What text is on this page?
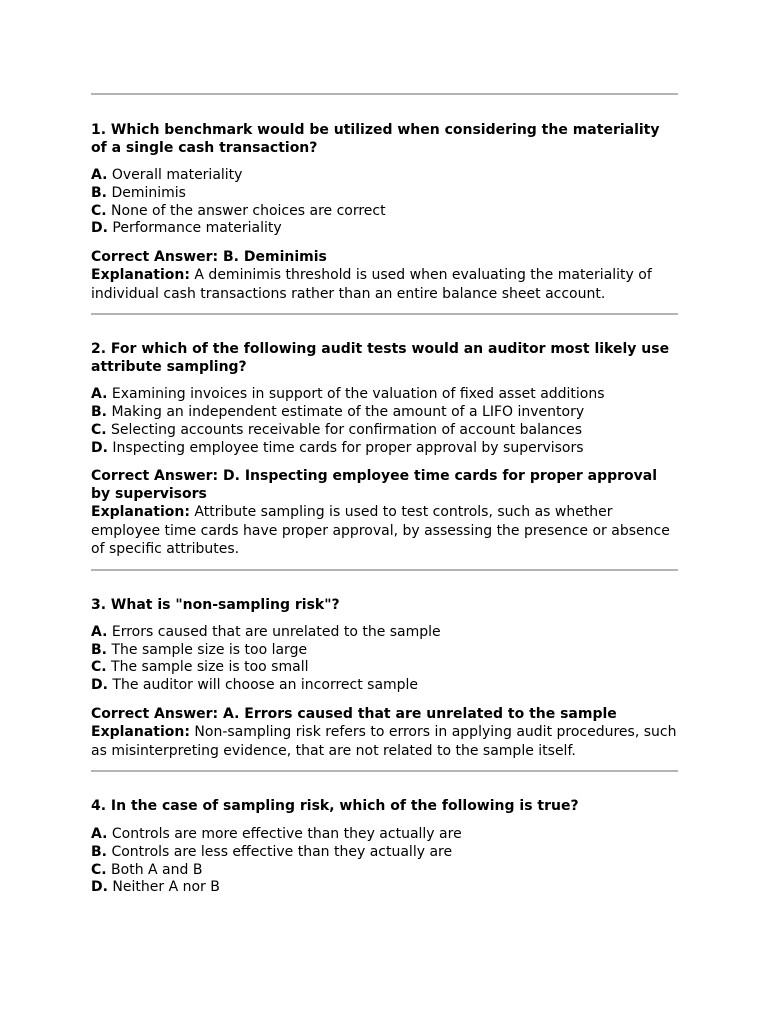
1. Which benchmark would be utilized when considering the materiality of a single cash transaction?

A. Overall materiality
B. Deminimis
C. None of the answer choices are correct
D. Performance materiality
Correct Answer: B. Deminimis
Explanation: A deminimis threshold is used when evaluating the materiality of individual cash transactions rather than an entire balance sheet account.

2. For which of the following audit tests would an auditor most likely use attribute sampling?

A. Examining invoices in support of the valuation of fixed asset additions
B. Making an independent estimate of the amount of a LIFO inventory
C. Selecting accounts receivable for confirmation of account balances
D. Inspecting employee time cards for proper approval by supervisors
Correct Answer: D. Inspecting employee time cards for proper approval by supervisors
Explanation: Attribute sampling is used to test controls, such as whether employee time cards have proper approval, by assessing the presence or absence of specific attributes.

3. What is "non-sampling risk"?

A. Errors caused that are unrelated to the sample
B. The sample size is too large
C. The sample size is too small
D. The auditor will choose an incorrect sample
Correct Answer: A. Errors caused that are unrelated to the sample
Explanation: Non-sampling risk refers to errors in applying audit procedures, such as misinterpreting evidence, that are not related to the sample itself.

4. In the case of sampling risk, which of the following is true?

A. Controls are more effective than they actually are
B. Controls are less effective than they actually are
C. Both A and B
D. Neither A nor B
